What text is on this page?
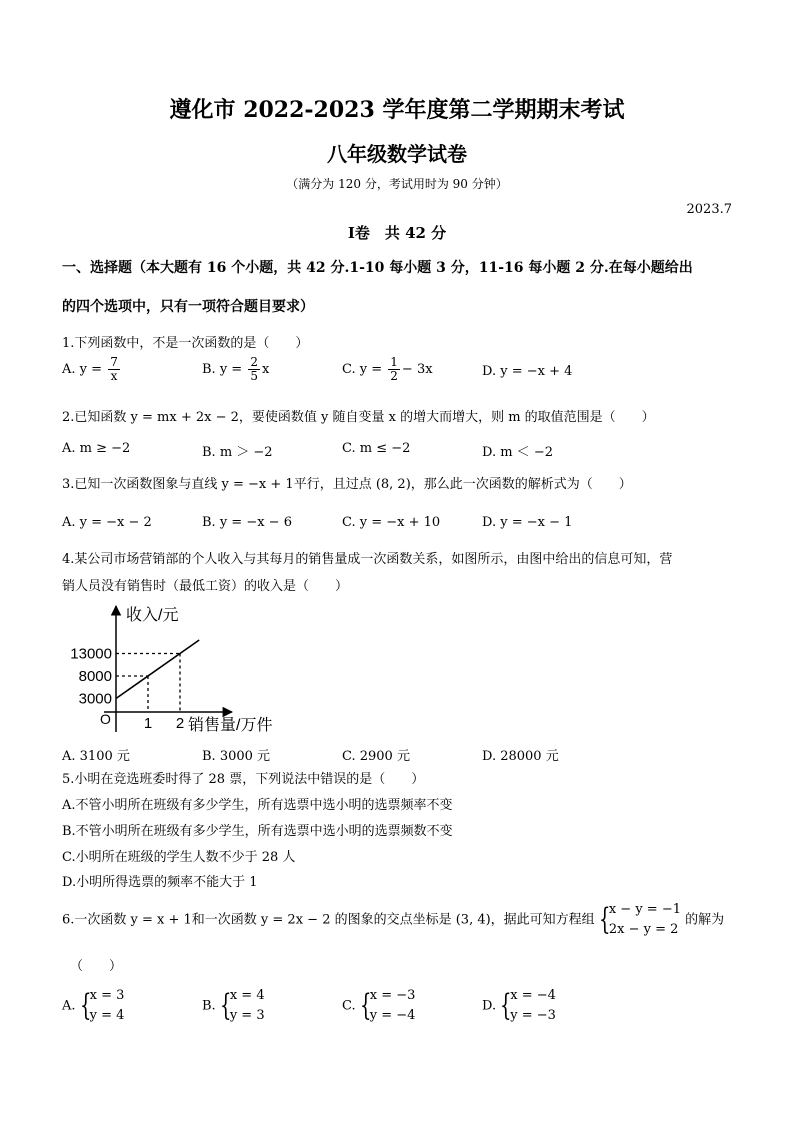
遵化市 2022-2023 学年度第二学期期末考试
八年级数学试卷
（满分为 120 分，考试用时为 90 分钟）
2023.7
Ⅰ卷　共 42 分
一、选择题（本大题有 16 个小题，共 42 分.1-10 每小题 3 分，11-16 每小题 2 分.在每小题给出
的四个选项中，只有一项符合题目要求）
1.下列函数中，不是一次函数的是（　　）
A. $y = \frac{7}{x}$	B. $y = \frac{2}{5}$ x	C. $y = \frac{1}{2} - 3x$	D. y = −x + 4
2.已知函数 y = mx + 2x − 2，要使函数值 y 随自变量 x 的增大而增大，则 m 的取值范围是（　　）
A. m ≥ −2	B. m ＞ −2	C. m ≤ −2	D. m ＜ −2
3.已知一次函数图象与直线 y = −x + 1平行，且过点 (8, 2)，那么此一次函数的解析式为（　　）
A. y = −x − 2	B. y = −x − 6	C. y = −x + 10	D. y = −x − 1
4.某公司市场营销部的个人收入与其每月的销售量成一次函数关系，如图所示，由图中给出的信息可知，营
销人员没有销售时（最低工资）的收入是（　　）
收入/元
销售量/万件
O
3000
8000
13000
1 2
A. 3100 元	B. 3000 元	C. 2900 元	D. 28000 元
5.小明在竞选班委时得了 28 票，下列说法中错误的是（　　）
A.不管小明所在班级有多少学生，所有选票中选小明的选票频率不变
B.不管小明所在班级有多少学生，所有选票中选小明的选票频数不变
C.小明所在班级的学生人数不少于 28 人
D.小明所得选票的频率不能大于 1
6.一次函数 y = x + 1和一次函数 y = 2x − 2 的图象的交点坐标是 (3, 4)，据此可知方程组 {
x − y = −1
2x − y = 2
的解为
（　　）
A. {
x = 3
y = 4
B. {
x = 4
y = 3
C. {
x = −3
y = −4
D. {
x = −4
y = −3
